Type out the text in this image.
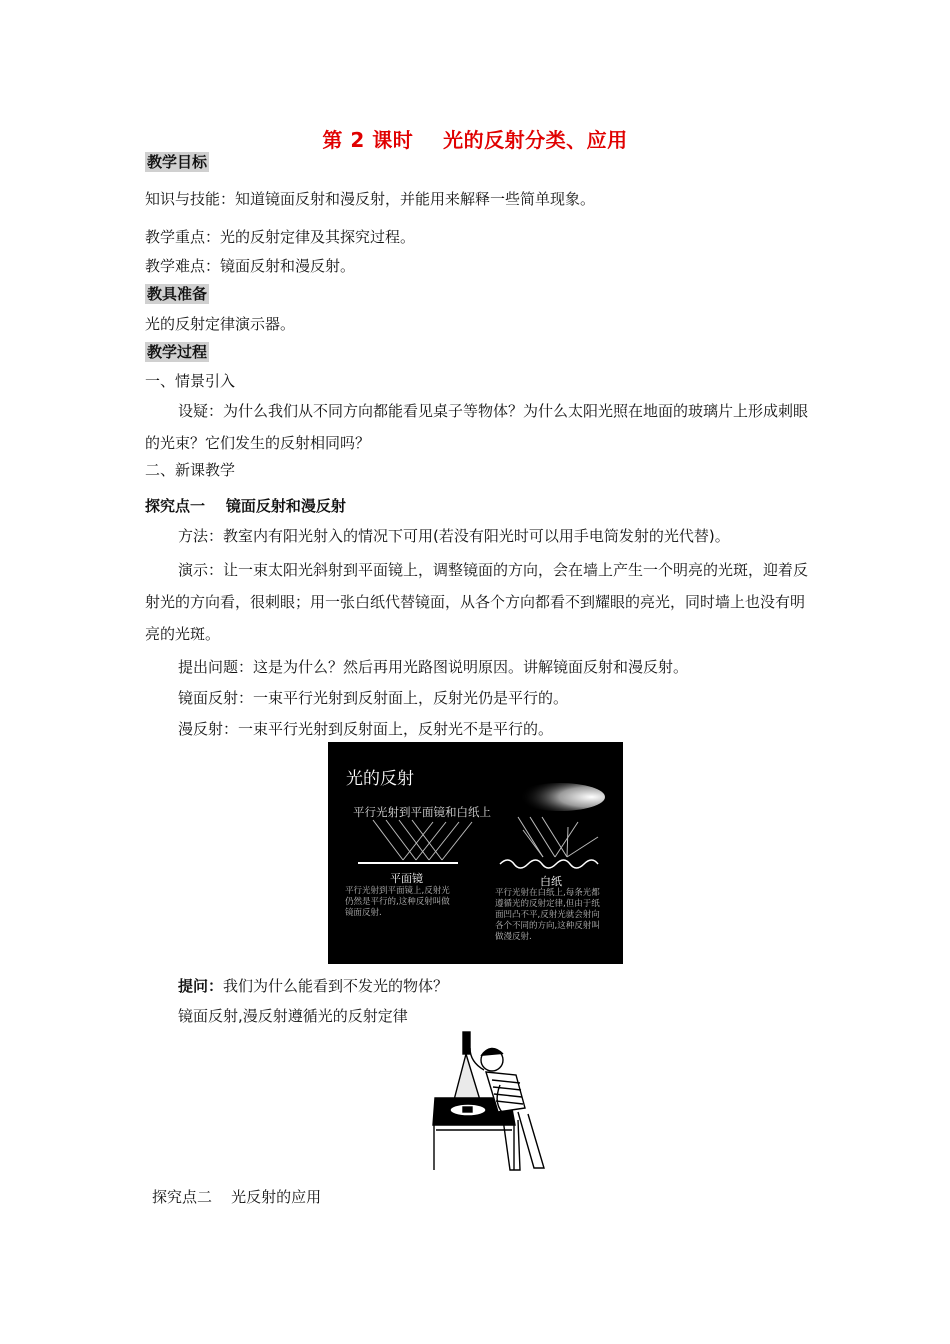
第 2 课时    光的反射分类、应用
教学目标
知识与技能：知道镜面反射和漫反射，并能用来解释一些简单现象。
教学重点：光的反射定律及其探究过程。
教学难点：镜面反射和漫反射。
教具准备
光的反射定律演示器。
教学过程
一、情景引入
设疑：为什么我们从不同方向都能看见桌子等物体？为什么太阳光照在地面的玻璃片上形成刺眼的光束？它们发生的反射相同吗？
二、新课教学
探究点一    镜面反射和漫反射
方法：教室内有阳光射入的情况下可用(若没有阳光时可以用手电筒发射的光代替)。
演示：让一束太阳光斜射到平面镜上，调整镜面的方向，会在墙上产生一个明亮的光斑，迎着反射光的方向看，很刺眼；用一张白纸代替镜面，从各个方向都看不到耀眼的亮光，同时墙上也没有明亮的光斑。
提出问题：这是为什么？然后再用光路图说明原因。讲解镜面反射和漫反射。
镜面反射：一束平行光射到反射面上，反射光仍是平行的。
漫反射：一束平行光射到反射面上，反射光不是平行的。
光的反射
平行光射到平面镜和白纸上
平面镜
平行光射到平面镜上,反射光
仍然是平行的,这种反射叫做
镜面反射.
白纸
平行光射在白纸上,每条光都
遵循光的反射定律,但由于纸
面凹凸不平,反射光就会射向
各个不同的方向,这种反射叫
做漫反射.
提问：我们为什么能看到不发光的物体？
镜面反射,漫反射遵循光的反射定律
探究点二    光反射的应用
